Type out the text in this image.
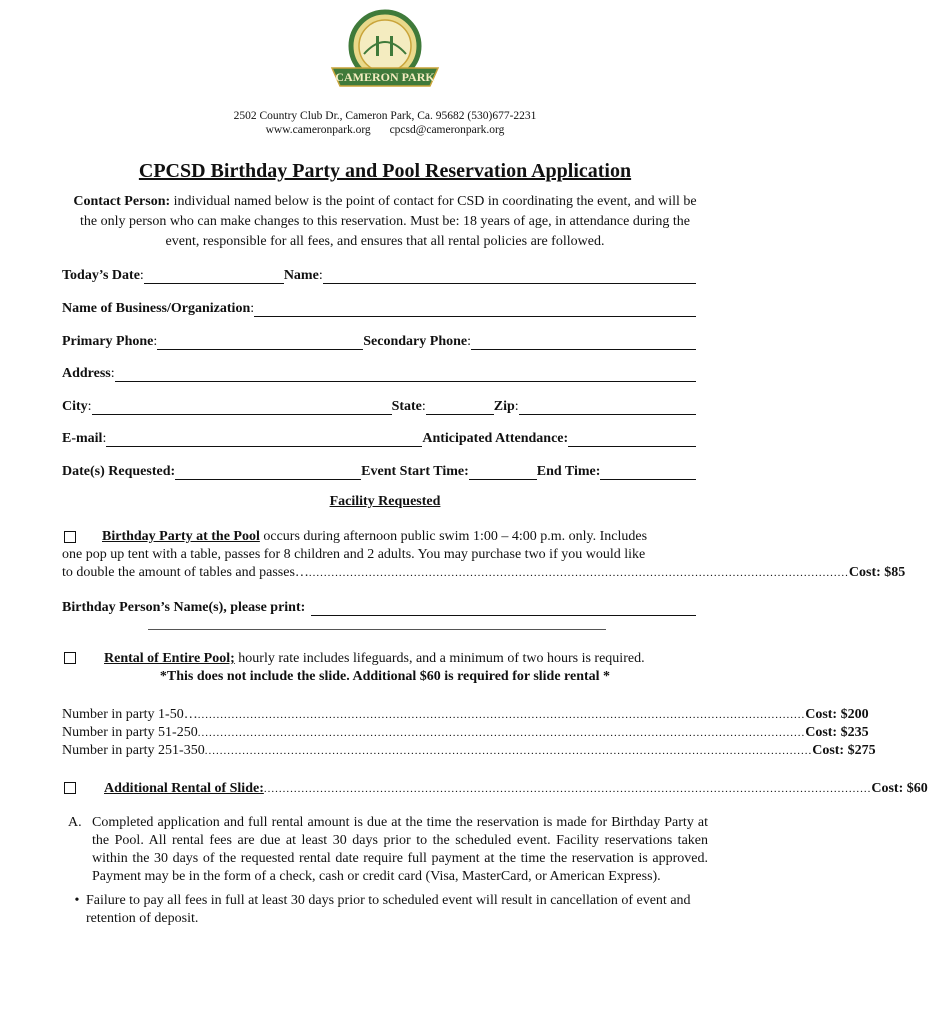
CAMERON PARK
2502 Country Club Dr., Cameron Park, Ca. 95682 (530)677-2231
www.cameronpark.org cpcsd@cameronpark.org
CPCSD Birthday Party and Pool Reservation Application
Contact Person: individual named below is the point of contact for CSD in coordinating the event, and will be the only person who can make changes to this reservation. Must be: 18 years of age, in attendance during the event, responsible for all fees, and ensures that all rental policies are followed.
Today’s Date :	Name :
Name of Business/Organization :
Primary Phone :	Secondary Phone :
Address :
City :	State :	Zip :
E-mail :	Anticipated Attendance:
Date(s) Requested:	Event Start Time:	End Time:
Facility Requested
Birthday Party at the Pool occurs during afternoon public swim 1:00 – 4:00 p.m. only. Includes
one pop up tent with a table, passes for 8 children and 2 adults. You may purchase two if you would like
to double the amount of tables and passes… ................................................................................................................................................ Cost: $85
Birthday Person’s Name(s), please print:
Rental of Entire Pool; hourly rate includes lifeguards, and a minimum of two hours is required.
*This does not include the slide. Additional $60 is required for slide rental *
Number in party 1-50… .................................................................................................................................................................. Cost: $200
Number in party 51-250 .................................................................................................................................................................. Cost: $235
Number in party 251-350 .................................................................................................................................................................. Cost: $275
Additional Rental of Slide: .................................................................................................................................................................. Cost: $60
A. Completed application and full rental amount is due at the time the reservation is made for Birthday Party at the Pool. All rental fees are due at least 30 days prior to the scheduled event. Facility reservations taken within the 30 days of the requested rental date require full payment at the time the reservation is approved. Payment may be in the form of a check, cash or credit card (Visa, MasterCard, or American Express).
• Failure to pay all fees in full at least 30 days prior to scheduled event will result in cancellation of event and retention of deposit.
